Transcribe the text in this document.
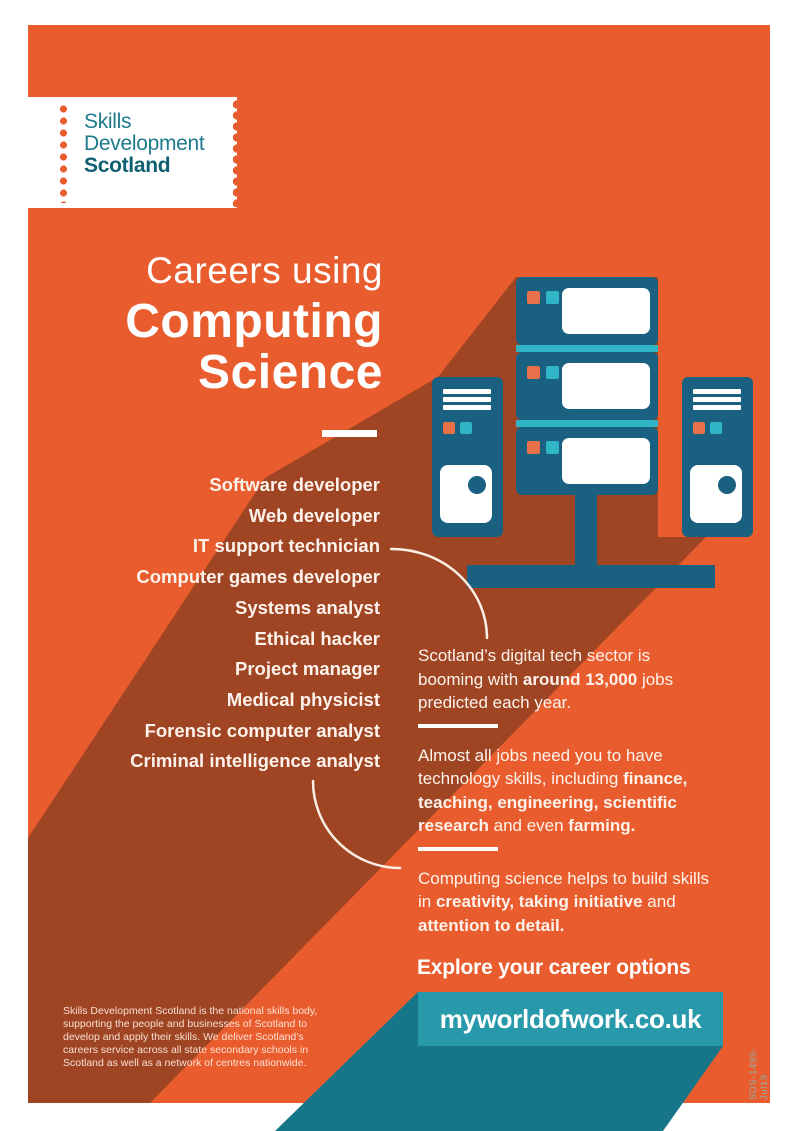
Skills
Development
Scotland
Careers using
Computing
Science
Software developer
Web developer
IT support technician
Computer games developer
Systems analyst
Ethical hacker
Project manager
Medical physicist
Forensic computer analyst
Criminal intelligence analyst
Scotland’s digital tech sector is booming with around 13,000 jobs predicted each year.
Almost all jobs need you to have technology skills, including finance, teaching, engineering, scientific research and even farming.
Computing science helps to build skills in creativity, taking initiative and attention to detail.
Explore your career options
myworldofwork.co.uk
Skills Development Scotland is the national skills body, supporting the people and businesses of Scotland to develop and apply their skills. We deliver Scotland’s careers service across all state secondary schools in Scotland as well as a network of centres nationwide.	SDS-1499-Jul19
